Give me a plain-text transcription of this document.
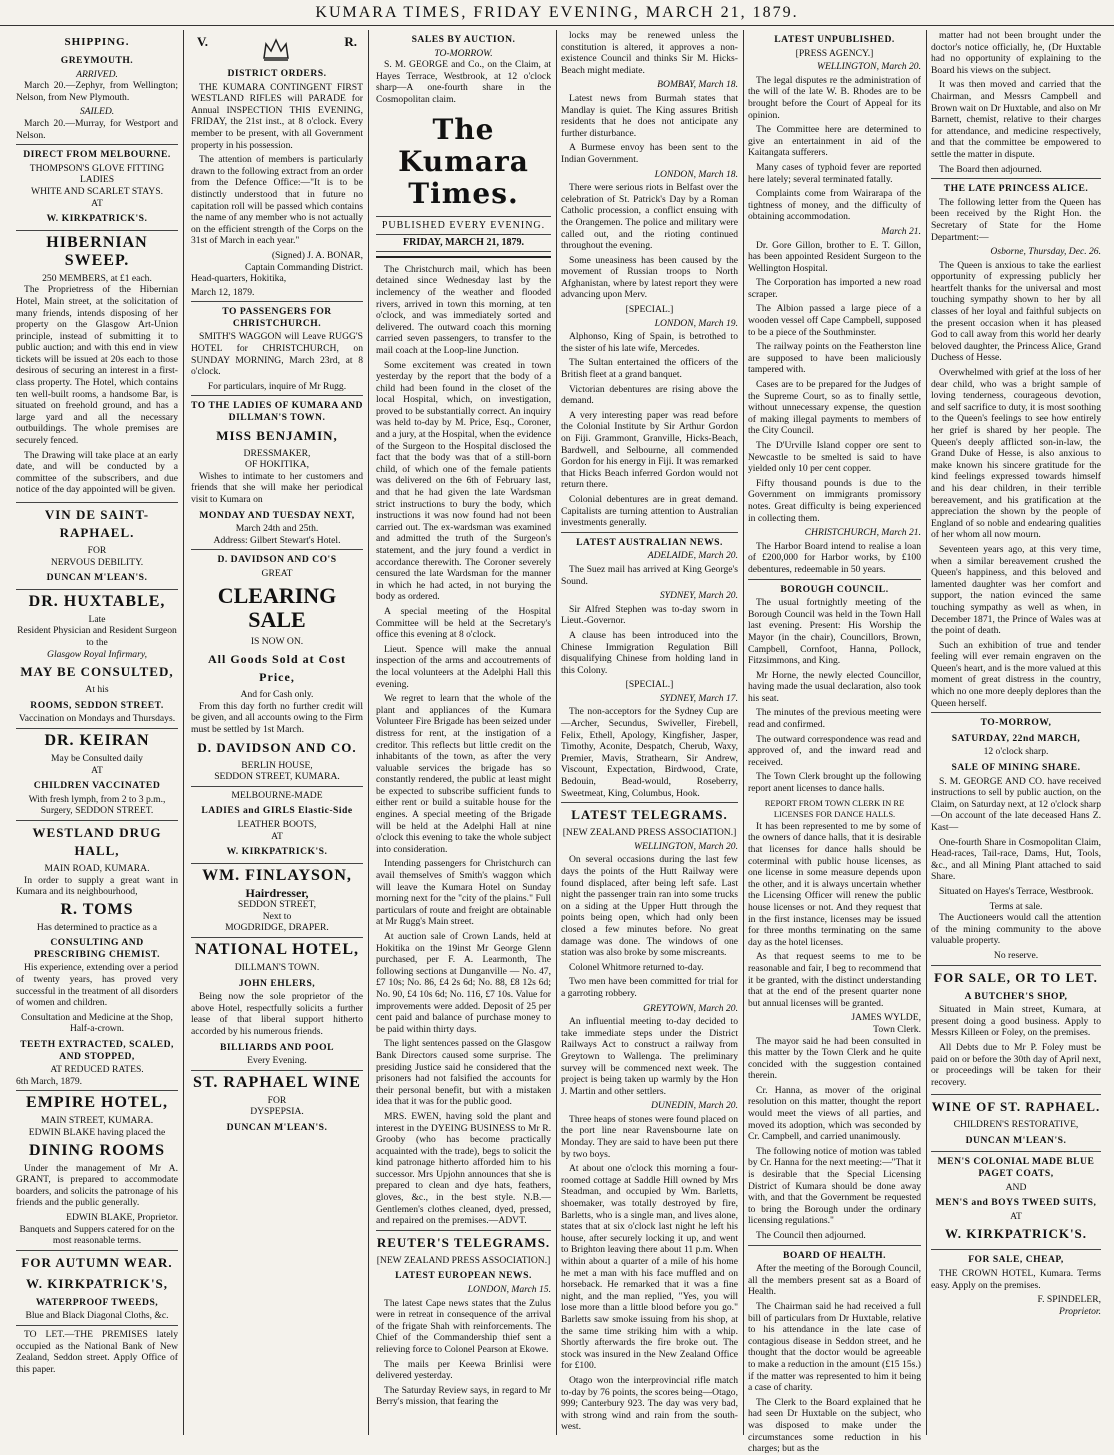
KUMARA TIMES, FRIDAY EVENING, MARCH 21, 1879.
SHIPPING.
GREYMOUTH.
ARRIVED.

March 20.—Zephyr, from Wellington; Nelson, from New Plymouth.

SAILED.

March 20.—Murray, for Westport and Nelson.

DIRECT FROM MELBOURNE.
THOMPSON'S GLOVE FITTING LADIES
WHITE AND SCARLET STAYS.
AT
W. KIRKPATRICK'S.
HIBERNIAN SWEEP.
250 MEMBERS, at £1 each.

The Proprietress of the Hibernian Hotel, Main street, at the solicitation of many friends, intends disposing of her property on the Glasgow Art-Union principle, instead of submitting it to public auction; and with this end in view tickets will be issued at 20s each to those desirous of securing an interest in a first-class property. The Hotel, which contains ten well-built rooms, a handsome Bar, is situated on freehold ground, and has a large yard and all the necessary outbuildings. The whole premises are securely fenced.

The Drawing will take place at an early date, and will be conducted by a committee of the subscribers, and due notice of the day appointed will be given.

VIN DE SAINT-RAPHAEL.
FOR
NERVOUS DEBILITY.
DUNCAN M'LEAN'S.
DR. HUXTABLE,
Late
Resident Physician and Resident Surgeon to the
Glasgow Royal Infirmary,
MAY BE CONSULTED,
At his
ROOMS, SEDDON STREET.
Vaccination on Mondays and Thursdays.
DR. KEIRAN
May be Consulted daily
AT
CHILDREN VACCINATED
With fresh lymph, from 2 to 3 p.m.,
Surgery, SEDDON STREET.
WESTLAND DRUG HALL,
MAIN ROAD, KUMARA.

In order to supply a great want in Kumara and its neighbourhood,

R. TOMS
Has determined to practice as a
CONSULTING AND PRESCRIBING CHEMIST.

His experience, extending over a period of twenty years, has proved very successful in the treatment of all disorders of women and children.

Consultation and Medicine at the Shop, Half-a-crown.
TEETH EXTRACTED, SCALED, AND STOPPED,
AT REDUCED RATES.
6th March, 1879.
EMPIRE HOTEL,
MAIN STREET, KUMARA.
EDWIN BLAKE having placed the
DINING ROOMS

Under the management of Mr A. GRANT, is prepared to accommodate boarders, and solicits the patronage of his friends and the public generally.

EDWIN BLAKE, Proprietor.
Banquets and Suppers catered for on the most reasonable terms.
FOR AUTUMN WEAR.
W. KIRKPATRICK'S,
WATERPROOF TWEEDS,
Blue and Black Diagonal Cloths, &c.

TO LET.—THE PREMISES lately occupied as the National Bank of New Zealand, Seddon street. Apply Office of this paper.

V.	R.
DISTRICT ORDERS.

THE KUMARA CONTINGENT FIRST WESTLAND RIFLES will PARADE for Annual INSPECTION THIS EVENING, FRIDAY, the 21st inst., at 8 o'clock. Every member to be present, with all Government property in his possession.

The attention of members is particularly drawn to the following extract from an order from the Defence Office:—"It is to be distinctly understood that in future no capitation roll will be passed which contains the name of any member who is not actually on the efficient strength of the Corps on the 31st of March in each year."

(Signed) J. A. BONAR,
Captain Commanding District.
Head-quarters, Hokitika,
March 12, 1879.
TO PASSENGERS FOR CHRISTCHURCH.

SMITH'S WAGGON will Leave RUGG'S HOTEL for CHRISTCHURCH, on SUNDAY MORNING, March 23rd, at 8 o'clock.

For particulars, inquire of Mr Rugg.
TO THE LADIES OF KUMARA AND DILLMAN'S TOWN.
MISS BENJAMIN,
DRESSMAKER,
OF HOKITIKA,

Wishes to intimate to her customers and friends that she will make her periodical visit to Kumara on

MONDAY AND TUESDAY NEXT,
March 24th and 25th.
Address: Gilbert Stewart's Hotel.
D. DAVIDSON AND CO'S
GREAT
CLEARING SALE
IS NOW ON.
All Goods Sold at Cost Price,
And for Cash only.

From this day forth no further credit will be given, and all accounts owing to the Firm must be settled by 1st March.

D. DAVIDSON AND CO.
BERLIN HOUSE,
SEDDON STREET, KUMARA.
MELBOURNE-MADE
LADIES and GIRLS Elastic-Side
LEATHER BOOTS,
AT
W. KIRKPATRICK'S.
WM. FINLAYSON,
Hairdresser,
SEDDON STREET,
Next to
MOGDRIDGE, DRAPER.
NATIONAL HOTEL,
DILLMAN'S TOWN.
JOHN EHLERS,

Being now the sole proprietor of the above Hotel, respectfully solicits a further lease of that liberal support hitherto accorded by his numerous friends.

BILLIARDS AND POOL
Every Evening.
ST. RAPHAEL WINE
FOR
DYSPEPSIA.
DUNCAN M'LEAN'S.
SALES BY AUCTION.
TO-MORROW.

S. M. GEORGE and Co., on the Claim, at Hayes Terrace, Westbrook, at 12 o'clock sharp—A one-fourth share in the Cosmopolitan claim.

The Kumara Times.
PUBLISHED EVERY EVENING.
FRIDAY, MARCH 21, 1879.

The Christchurch mail, which has been detained since Wednesday last by the inclemency of the weather and flooded rivers, arrived in town this morning, at ten o'clock, and was immediately sorted and delivered. The outward coach this morning carried seven passengers, to transfer to the mail coach at the Loop-line Junction.

Some excitement was created in town yesterday by the report that the body of a child had been found in the closet of the local Hospital, which, on investigation, proved to be substantially correct. An inquiry was held to-day by M. Price, Esq., Coroner, and a jury, at the Hospital, when the evidence of the Surgeon to the Hospital disclosed the fact that the body was that of a still-born child, of which one of the female patients was delivered on the 6th of February last, and that he had given the late Wardsman strict instructions to bury the body, which instructions it was now found had not been carried out. The ex-wardsman was examined and admitted the truth of the Surgeon's statement, and the jury found a verdict in accordance therewith. The Coroner severely censured the late Wardsman for the manner in which he had acted, in not burying the body as ordered.

A special meeting of the Hospital Committee will be held at the Secretary's office this evening at 8 o'clock.

Lieut. Spence will make the annual inspection of the arms and accoutrements of the local volunteers at the Adelphi Hall this evening.

We regret to learn that the whole of the plant and appliances of the Kumara Volunteer Fire Brigade has been seized under distress for rent, at the instigation of a creditor. This reflects but little credit on the inhabitants of the town, as after the very valuable services the brigade has so constantly rendered, the public at least might be expected to subscribe sufficient funds to either rent or build a suitable house for the engines. A special meeting of the Brigade will be held at the Adelphi Hall at nine o'clock this evening to take the whole subject into consideration.

Intending passengers for Christchurch can avail themselves of Smith's waggon which will leave the Kumara Hotel on Sunday morning next for the "city of the plains." Full particulars of route and freight are obtainable at Mr Rugg's Main street.

At auction sale of Crown Lands, held at Hokitika on the 19inst Mr George Glenn purchased, per F. A. Learmonth, The following sections at Dunganville — No. 47, £7 10s; No. 86, £4 2s 6d; No. 88, £8 12s 6d; No. 90, £4 10s 6d; No. 116, £7 10s. Value for improvements were added. Deposit of 25 per cent paid and balance of purchase money to be paid within thirty days.

The light sentences passed on the Glasgow Bank Directors caused some surprise. The presiding Justice said he considered that the prisoners had not falsified the accounts for their personal benefit, but with a mistaken idea that it was for the public good.

MRS. EWEN, having sold the plant and interest in the DYEING BUSINESS to Mr R. Grooby (who has become practically acquainted with the trade), begs to solicit the kind patronage hitherto afforded him to his successor. Mrs Upjohn announces that she is prepared to clean and dye hats, feathers, gloves, &c., in the best style. N.B.—Gentlemen's clothes cleaned, dyed, pressed, and repaired on the premises.—ADVT.

REUTER'S TELEGRAMS.
[NEW ZEALAND PRESS ASSOCIATION.]
LATEST EUROPEAN NEWS.
LONDON, March 15.

The latest Cape news states that the Zulus were in retreat in consequence of the arrival of the frigate Shah with reinforcements. The Chief of the Commandership thief sent a relieving force to Colonel Pearson at Ekowe.

The mails per Keewa Brinlisi were delivered yesterday.

The Saturday Review says, in regard to Mr Berry's mission, that fearing the

locks may be renewed unless the constitution is altered, it approves a non-existence Council and thinks Sir M. Hicks-Beach might mediate.

BOMBAY, March 18.

Latest news from Burmah states that Mandlay is quiet. The King assures British residents that he does not anticipate any further disturbance.

A Burmese envoy has been sent to the Indian Government.

LONDON, March 18.

There were serious riots in Belfast over the celebration of St. Patrick's Day by a Roman Catholic procession, a conflict ensuing with the Orangemen. The police and military were called out, and the rioting continued throughout the evening.

Some uneasiness has been caused by the movement of Russian troops to North Afghanistan, where by latest report they were advancing upon Merv.

[SPECIAL.]
LONDON, March 19.

Alphonso, King of Spain, is betrothed to the sister of his late wife, Mercedes.

The Sultan entertained the officers of the British fleet at a grand banquet.

Victorian debentures are rising above the demand.

A very interesting paper was read before the Colonial Institute by Sir Arthur Gordon on Fiji. Grammont, Granville, Hicks-Beach, Bardwell, and Selbourne, all commended Gordon for his energy in Fiji. It was remarked that Hicks Beach inferred Gordon would not return there.

Colonial debentures are in great demand. Capitalists are turning attention to Australian investments generally.

LATEST AUSTRALIAN NEWS.
ADELAIDE, March 20.

The Suez mail has arrived at King George's Sound.

SYDNEY, March 20.

Sir Alfred Stephen was to-day sworn in Lieut.-Governor.

A clause has been introduced into the Chinese Immigration Regulation Bill disqualifying Chinese from holding land in this Colony.

[SPECIAL.]
SYDNEY, March 17.

The non-acceptors for the Sydney Cup are—Archer, Secundus, Swiveller, Firebell, Felix, Ethell, Apology, Kingfisher, Jasper, Timothy, Aconite, Despatch, Cherub, Waxy, Premier, Mavis, Strathearn, Sir Andrew, Viscount, Expectation, Birdwood, Crate, Bedouin, Bead-would, Roseberry, Sweetmeat, King, Columbus, Hook.

LATEST TELEGRAMS.
[NEW ZEALAND PRESS ASSOCIATION.]
WELLINGTON, March 20.

On several occasions during the last few days the points of the Hutt Railway were found displaced, after being left safe. Last night the passenger train ran into some trucks on a siding at the Upper Hutt through the points being open, which had only been closed a few minutes before. No great damage was done. The windows of one station was also broke by some miscreants.

Colonel Whitmore returned to-day.

Two men have been committed for trial for a garroting robbery.

GREYTOWN, March 20.

An influential meeting to-day decided to take immediate steps under the District Railways Act to construct a railway from Greytown to Wallenga. The preliminary survey will be commenced next week. The project is being taken up warmly by the Hon J. Martin and other settlers.

DUNEDIN, March 20.

Three heaps of stones were found placed on the port line near Ravensbourne late on Monday. They are said to have been put there by two boys.

At about one o'clock this morning a four-roomed cottage at Saddle Hill owned by Mrs Steadman, and occupied by Wm. Barletts, shoemaker, was totally destroyed by fire, Barletts, who is a single man, and lives alone, states that at six o'clock last night he left his house, after securely locking it up, and went to Brighton leaving there about 11 p.m. When within about a quarter of a mile of his home he met a man with his face muffled and on horseback. He remarked that it was a fine night, and the man replied, "Yes, you will lose more than a little blood before you go." Barletts saw smoke issuing from his shop, at the same time striking him with a whip. Shortly afterwards the fire broke out. The stock was insured in the New Zealand Office for £100.

Otago won the interprovincial rifle match to-day by 76 points, the scores being—Otago, 999; Canterbury 923. The day was very bad, with strong wind and rain from the south-west.

LATEST UNPUBLISHED.
[PRESS AGENCY.]
WELLINGTON, March 20.

The legal disputes re the administration of the will of the late W. B. Rhodes are to be brought before the Court of Appeal for its opinion.

The Committee here are determined to give an entertainment in aid of the Kaitangata sufferers.

Many cases of typhoid fever are reported here lately; several terminated fatally.

Complaints come from Wairarapa of the tightness of money, and the difficulty of obtaining accommodation.

March 21.

Dr. Gore Gillon, brother to E. T. Gillon, has been appointed Resident Surgeon to the Wellington Hospital.

The Corporation has imported a new road scraper.

The Albion passed a large piece of a wooden vessel off Cape Campbell, supposed to be a piece of the Southminster.

The railway points on the Featherston line are supposed to have been maliciously tampered with.

Cases are to be prepared for the Judges of the Supreme Court, so as to finally settle, without unnecessary expense, the question of making illegal payments to members of the City Council.

The D'Urville Island copper ore sent to Newcastle to be smelted is said to have yielded only 10 per cent copper.

Fifty thousand pounds is due to the Government on immigrants promissory notes. Great difficulty is being experienced in collecting them.

CHRISTCHURCH, March 21.

The Harbor Board intend to realise a loan of £200,000 for Harbor works, by £100 debentures, redeemable in 50 years.

BOROUGH COUNCIL.

The usual fortnightly meeting of the Borough Council was held in the Town Hall last evening. Present: His Worship the Mayor (in the chair), Councillors, Brown, Campbell, Cornfoot, Hanna, Pollock, Fitzsimmons, and King.

Mr Horne, the newly elected Councillor, having made the usual declaration, also took his seat.

The minutes of the previous meeting were read and confirmed.

The outward correspondence was read and approved of, and the inward read and received.

The Town Clerk brought up the following report anent licenses to dance halls.

REPORT FROM TOWN CLERK IN RE LICENSES FOR DANCE HALLS.

It has been represented to me by some of the owners of dance halls, that it is desirable that licenses for dance halls should be coterminal with public house licenses, as one license in some measure depends upon the other, and it is always uncertain whether the Licensing Officer will renew the public house licenses or not. And they request that in the first instance, licenses may be issued for three months terminating on the same day as the hotel licenses.

As that request seems to me to be reasonable and fair, I beg to recommend that it be granted, with the distinct understanding that at the end of the present quarter none but annual licenses will be granted.

JAMES WYLDE,
Town Clerk.

The mayor said he had been consulted in this matter by the Town Clerk and he quite concided with the suggestion contained therein.

Cr. Hanna, as mover of the original resolution on this matter, thought the report would meet the views of all parties, and moved its adoption, which was seconded by Cr. Campbell, and carried unanimously.

The following notice of motion was tabled by Cr. Hanna for the next meeting:—"That it is desirable that the Special Licensing District of Kumara should be done away with, and that the Government be requested to bring the Borough under the ordinary licensing regulations."

The Council then adjourned.

BOARD OF HEALTH.

After the meeting of the Borough Council, all the members present sat as a Board of Health.

The Chairman said he had received a full bill of particulars from Dr Huxtable, relative to his attendance in the late case of contagious disease in Seddon street, and he thought that the doctor would be agreeable to make a reduction in the amount (£15 15s.) if the matter was represented to him it being a case of charity.

The Clerk to the Board explained that he had seen Dr Huxtable on the subject, who was disposed to make under the circumstances some reduction in his charges; but as the

matter had not been brought under the doctor's notice officially, he, (Dr Huxtable had no opportunity of explaining to the Board his views on the subject.

It was then moved and carried that the Chairman, and Messrs Campbell and Brown wait on Dr Huxtable, and also on Mr Barnett, chemist, relative to their charges for attendance, and medicine respectively, and that the committee be empowered to settle the matter in dispute.

The Board then adjourned.

THE LATE PRINCESS ALICE.

The following letter from the Queen has been received by the Right Hon. the Secretary of State for the Home Department:—

Osborne, Thursday, Dec. 26.

The Queen is anxious to take the earliest opportunity of expressing publicly her heartfelt thanks for the universal and most touching sympathy shown to her by all classes of her loyal and faithful subjects on the present occasion when it has pleased God to call away from this world her dearly beloved daughter, the Princess Alice, Grand Duchess of Hesse.

Overwhelmed with grief at the loss of her dear child, who was a bright sample of loving tenderness, courageous devotion, and self sacrifice to duty, it is most soothing to the Queen's feelings to see how entirely her grief is shared by her people. The Queen's deeply afflicted son-in-law, the Grand Duke of Hesse, is also anxious to make known his sincere gratitude for the kind feelings expressed towards himself and his dear children, in their terrible bereavement, and his gratification at the appreciation the shown by the people of England of so noble and endearing qualities of her whom all now mourn.

Seventeen years ago, at this very time, when a similar bereavement crushed the Queen's happiness, and this beloved and lamented daughter was her comfort and support, the nation evinced the same touching sympathy as well as when, in December 1871, the Prince of Wales was at the point of death.

Such an exhibition of true and tender feeling will ever remain engraven on the Queen's heart, and is the more valued at this moment of great distress in the country, which no one more deeply deplores than the Queen herself.

TO-MORROW,
SATURDAY, 22nd MARCH,
12 o'clock sharp.
SALE OF MINING SHARE.

S. M. GEORGE AND CO. have received instructions to sell by public auction, on the Claim, on Saturday next, at 12 o'clock sharp—On account of the late deceased Hans Z. Kast—

One-fourth Share in Cosmopolitan Claim, Head-races, Tail-race, Dams, Hut, Tools, &c., and all Mining Plant attached to said Share.

Situated on Hayes's Terrace, Westbrook.

Terms at sale.

The Auctioneers would call the attention of the mining community to the above valuable property.

No reserve.
FOR SALE, OR TO LET.
A BUTCHER'S SHOP,

Situated in Main street, Kumara, at present doing a good business. Apply to Messrs Killeen or Foley, on the premises.

All Debts due to Mr P. Foley must be paid on or before the 30th day of April next, or proceedings will be taken for their recovery.

WINE OF ST. RAPHAEL.
CHILDREN'S RESTORATIVE,
DUNCAN M'LEAN'S.
MEN'S COLONIAL MADE BLUE PAGET COATS,
AND
MEN'S and BOYS TWEED SUITS,
AT
W. KIRKPATRICK'S.
FOR SALE, CHEAP,

THE CROWN HOTEL, Kumara. Terms easy. Apply on the premises.

F. SPINDELER,
Proprietor.
